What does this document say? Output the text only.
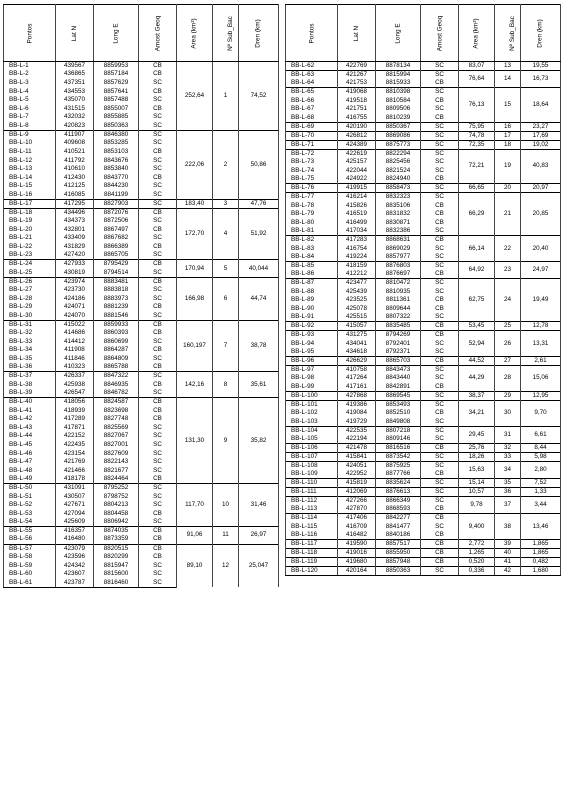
Pontos	Lat N	Long E	Amost Geoq	Area (km²)	Nº Sub_Bac	Dren (km)
BB-L-1	439567	8859953	CB	252,64	1	74,52
BB-L-2	436865	8857184	CB			
BB-L-3	437351	8857629	SC			
BB-L-4	434553	8857641	CB			
BB-L-5	435070	8857488	SC			
BB-L-6	431515	8855007	CB			
BB-L-7	432032	8855885	SC			
BB-L-8	420823	8850363	SC			
BB-L-9	411907	8846380	SC	222,06	2	50,86
BB-L-10	409608	8853285	SC			
BB-L-11	410521	8853103	CB			
BB-L-12	411792	8843676	SC			
BB-L-13	410610	8853840	SC			
BB-L-14	412430	8843770	CB			
BB-L-15	412125	8844230	SC			
BB-L-16	416085	8841199	SC			
BB-L-17	417295	8827903	SC	183,40	3	47,76
BB-L-18	434496	8872076	CB	172,70	4	51,92
BB-L-19	434373	8872506	SC			
BB-L-20	432801	8867497	CB			
BB-L-21	433409	8867682	SC			
BB-L-22	431829	8866389	CB			
BB-L-23	427420	8865705	SC			
BB-L-24	427933	8795429	CB	170,94	5	40,044
BB-L-25	430819	8794514	SC			
BB-L-26	423974	8883481	CB	166,98	6	44,74
BB-L-27	423730	8883818	SC			
BB-L-28	424186	8883973	SC			
BB-L-29	424071	8881239	CB			
BB-L-30	424070	8881546	SC			
BB-L-31	415022	8859933	CB	160,197	7	38,78
BB-L-32	414686	8860393	CB			
BB-L-33	414412	8860699	SC			
BB-L-34	411908	8864287	CB			
BB-L-35	411846	8864809	SC			
BB-L-36	410323	8865788	CB			
BB-L-37	426337	8847322	SC	142,16	8	35,61
BB-L-38	425938	8846935	CB			
BB-L-39	426547	8846782	SC			
BB-L-40	418056	8824587	CB	131,30	9	35,82
BB-L-41	418939	8823698	CB			
BB-L-42	417289	8827748	CB			
BB-L-43	417871	8825569	SC			
BB-L-44	422152	8827067	SC			
BB-L-45	422435	8827001	SC			
BB-L-46	423154	8827609	SC			
BB-L-47	421769	8822143	SC			
BB-L-48	421466	8821677	SC			
BB-L-49	418178	8824464	CB			
BB-L-50	431091	8795252	SC	117,70	10	31,46
BB-L-51	430507	8798752	SC			
BB-L-52	427671	8804213	SC			
BB-L-53	427094	8804458	CB			
BB-L-54	425609	8806942	SC			
BB-L-55	416357	8874035	CB	91,06	11	26,97
BB-L-56	416480	8873359	CB			
BB-L-57	423079	8820515	CB	89,10	12	25,047
BB-L-58	423596	8820299	CB			
BB-L-59	424342	8815947	SC			
BB-L-60	423607	8815600	SC			
BB-L-61	423787	8816460	SC			
Pontos	Lat N	Long E	Amost Geoq	Area (km²)	Nº Sub_Bac	Dren (km)
BB-L-62	422769	8878134	SC	83,07	13	19,55
BB-L-63	421267	8815994	SC	76,64	14	16,73
BB-L-64	421753	8815933	CB			
BB-L-65	419068	8810398	SC	76,13	15	18,64
BB-L-66	419518	8810584	CB			
BB-L-67	421751	8809506	SC			
BB-L-68	416755	8810239	CB			
BB-L-69	420190	8850367	SC	75,95	16	23,27
BB-L-70	426812	8869086	SC	74,78	17	17,69
BB-L-71	424389	8875773	SC	72,35	18	19,02
BB-L-72	422619	8822294	SC	72,21	19	40,83
BB-L-73	425157	8825456	SC			
BB-L-74	422044	8821524	SC			
BB-L-75	424922	8824940	CB			
BB-L-76	419915	8858473	SC	66,65	20	20,97
BB-L-77	416214	8832323	SC	66,29	21	20,85
BB-L-78	415826	8835106	CB			
BB-L-79	416519	8831832	CB			
BB-L-80	416499	8830871	CB			
BB-L-81	417034	8832386	SC			
BB-L-82	417283	8868631	CB	66,14	22	20,40
BB-L-83	416754	8869029	SC			
BB-L-84	419224	8857977	SC			
BB-L-85	418159	8876803	SC	64,92	23	24,97
BB-L-86	412212	8876697	CB			
BB-L-87	423477	8810472	SC	62,75	24	19,49
BB-L-88	425439	8810935	SC			
BB-L-89	423525	8811361	CB			
BB-L-90	425078	8809644	CB			
BB-L-91	425515	8807322	SC			
BB-L-92	415057	8835485	CB	53,45	25	12,78
BB-L-93	431275	8794269	CB	52,94	26	13,31
BB-L-94	434041	8792401	SC			
BB-L-95	434618	8792371	SC			
BB-L-96	426629	8865703	CB	44,52	27	2,61
BB-L-97	410758	8843473	SC	44,29	28	15,06
BB-L-98	417264	8843440	SC			
BB-L-99	417161	8842891	CB			
BB-L-100	427868	8869545	SC	38,37	29	12,95
BB-L-101	419386	8853493	SC	34,21	30	9,70
BB-L-102	419084	8852510	CB			
BB-L-103	419729	8849808	SC			
BB-L-104	422535	8807218	SC	29,45	31	6,61
BB-L-105	422194	8809146	SC			
BB-L-106	421478	8816516	CB	25,76	32	8,44
BB-L-107	415841	8873542	SC	18,26	33	5,98
BB-L-108	424051	8875925	SC	15,63	34	2,80
BB-L-109	422952	8877766	CB			
BB-L-110	415819	8835624	SC	15,14	35	7,52
BB-L-111	412069	8876613	SC	10,57	36	1,33
BB-L-112	427266	8866349	SC	9,78	37	3,44
BB-L-113	427870	8868593	CB			
BB-L-114	417406	8842277	CB	9,400	38	13,46
BB-L-115	416709	8841477	SC			
BB-L-116	416482	8840186	CB			
BB-L-117	419590	8857517	CB	2,772	39	1,865
BB-L-118	419016	8855950	CB	1,265	40	1,865
BB-L-119	419680	8857948	CB	0,520	41	0,482
BB-L-120	420164	8850363	SC	0,336	42	1,680
